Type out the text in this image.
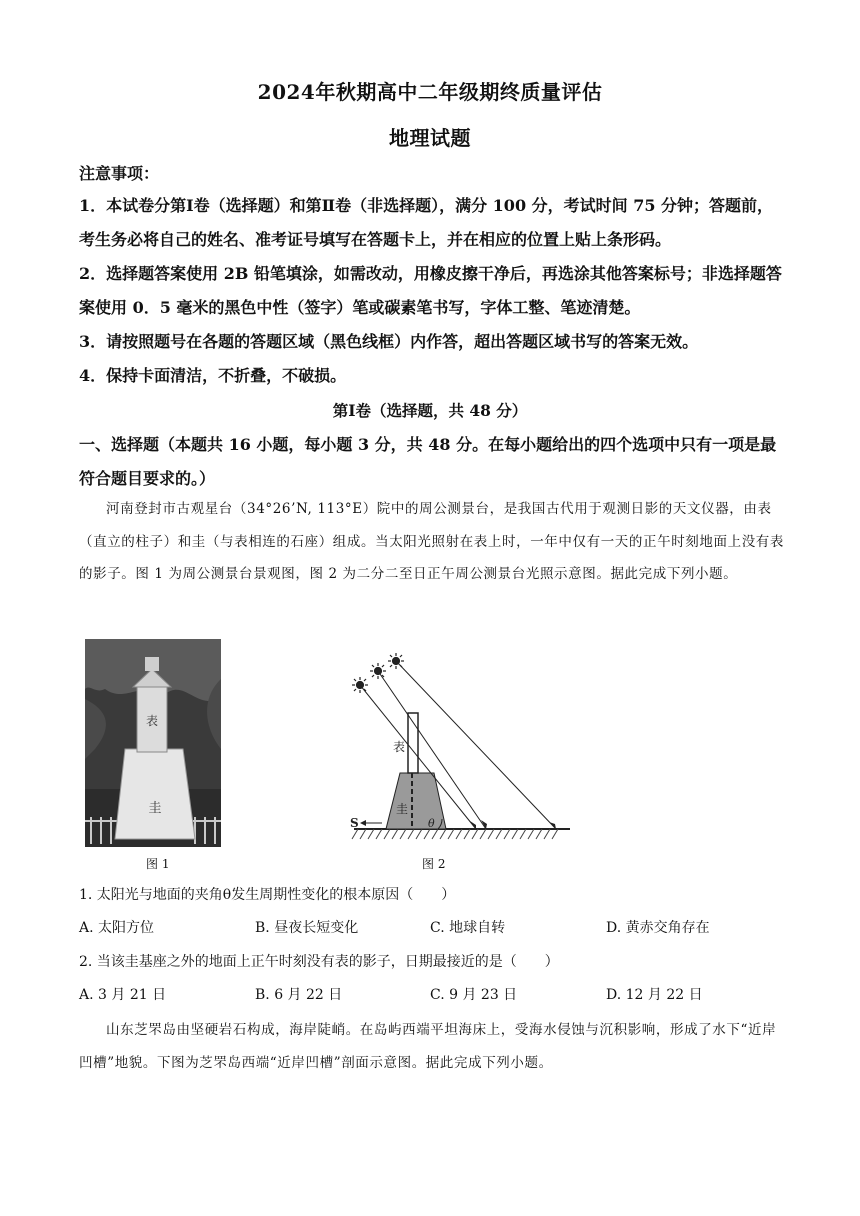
2024年秋期高中二年级期终质量评估
地理试题
注意事项：

1．本试卷分第Ⅰ卷（选择题）和第Ⅱ卷（非选择题），满分 100 分，考试时间 75 分钟；答题前，考生务必将自己的姓名、准考证号填写在答题卡上，并在相应的位置上贴上条形码。

2．选择题答案使用 2B 铅笔填涂，如需改动，用橡皮擦干净后，再选涂其他答案标号；非选择题答案使用 0．5 毫米的黑色中性（签字）笔或碳素笔书写，字体工整、笔迹清楚。

3．请按照题号在各题的答题区域（黑色线框）内作答，超出答题区域书写的答案无效。

4．保持卡面清洁，不折叠，不破损。

第Ⅰ卷（选择题，共 48 分）

一、选择题（本题共 16 小题，每小题 3 分，共 48 分。在每小题给出的四个选项中只有一项是最符合题目要求的。）

河南登封市古观星台（34°26’N, 113°E）院中的周公测景台，是我国古代用于观测日影的天文仪器，由表（直立的柱子）和圭（与表相连的石座）组成。当太阳光照射在表上时，一年中仅有一天的正午时刻地面上没有表的影子。图 1 为周公测景台景观图，图 2 为二分二至日正午周公测景台光照示意图。据此完成下列小题。

表
圭
图 1
S	θ
表
圭
图 2
1. 太阳光与地面的夹角θ发生周期性变化的根本原因（　　）
A. 太阳方位	B. 昼夜长短变化	C. 地球自转	D. 黄赤交角存在
2. 当该圭基座之外的地面上正午时刻没有表的影子，日期最接近的是（　　）
A. 3 月 21 日	B. 6 月 22 日	C. 9 月 23 日	D. 12 月 22 日

山东芝罘岛由坚硬岩石构成，海岸陡峭。在岛屿西端平坦海床上，受海水侵蚀与沉积影响，形成了水下“近岸凹槽”地貌。下图为芝罘岛西端“近岸凹槽”剖面示意图。据此完成下列小题。
